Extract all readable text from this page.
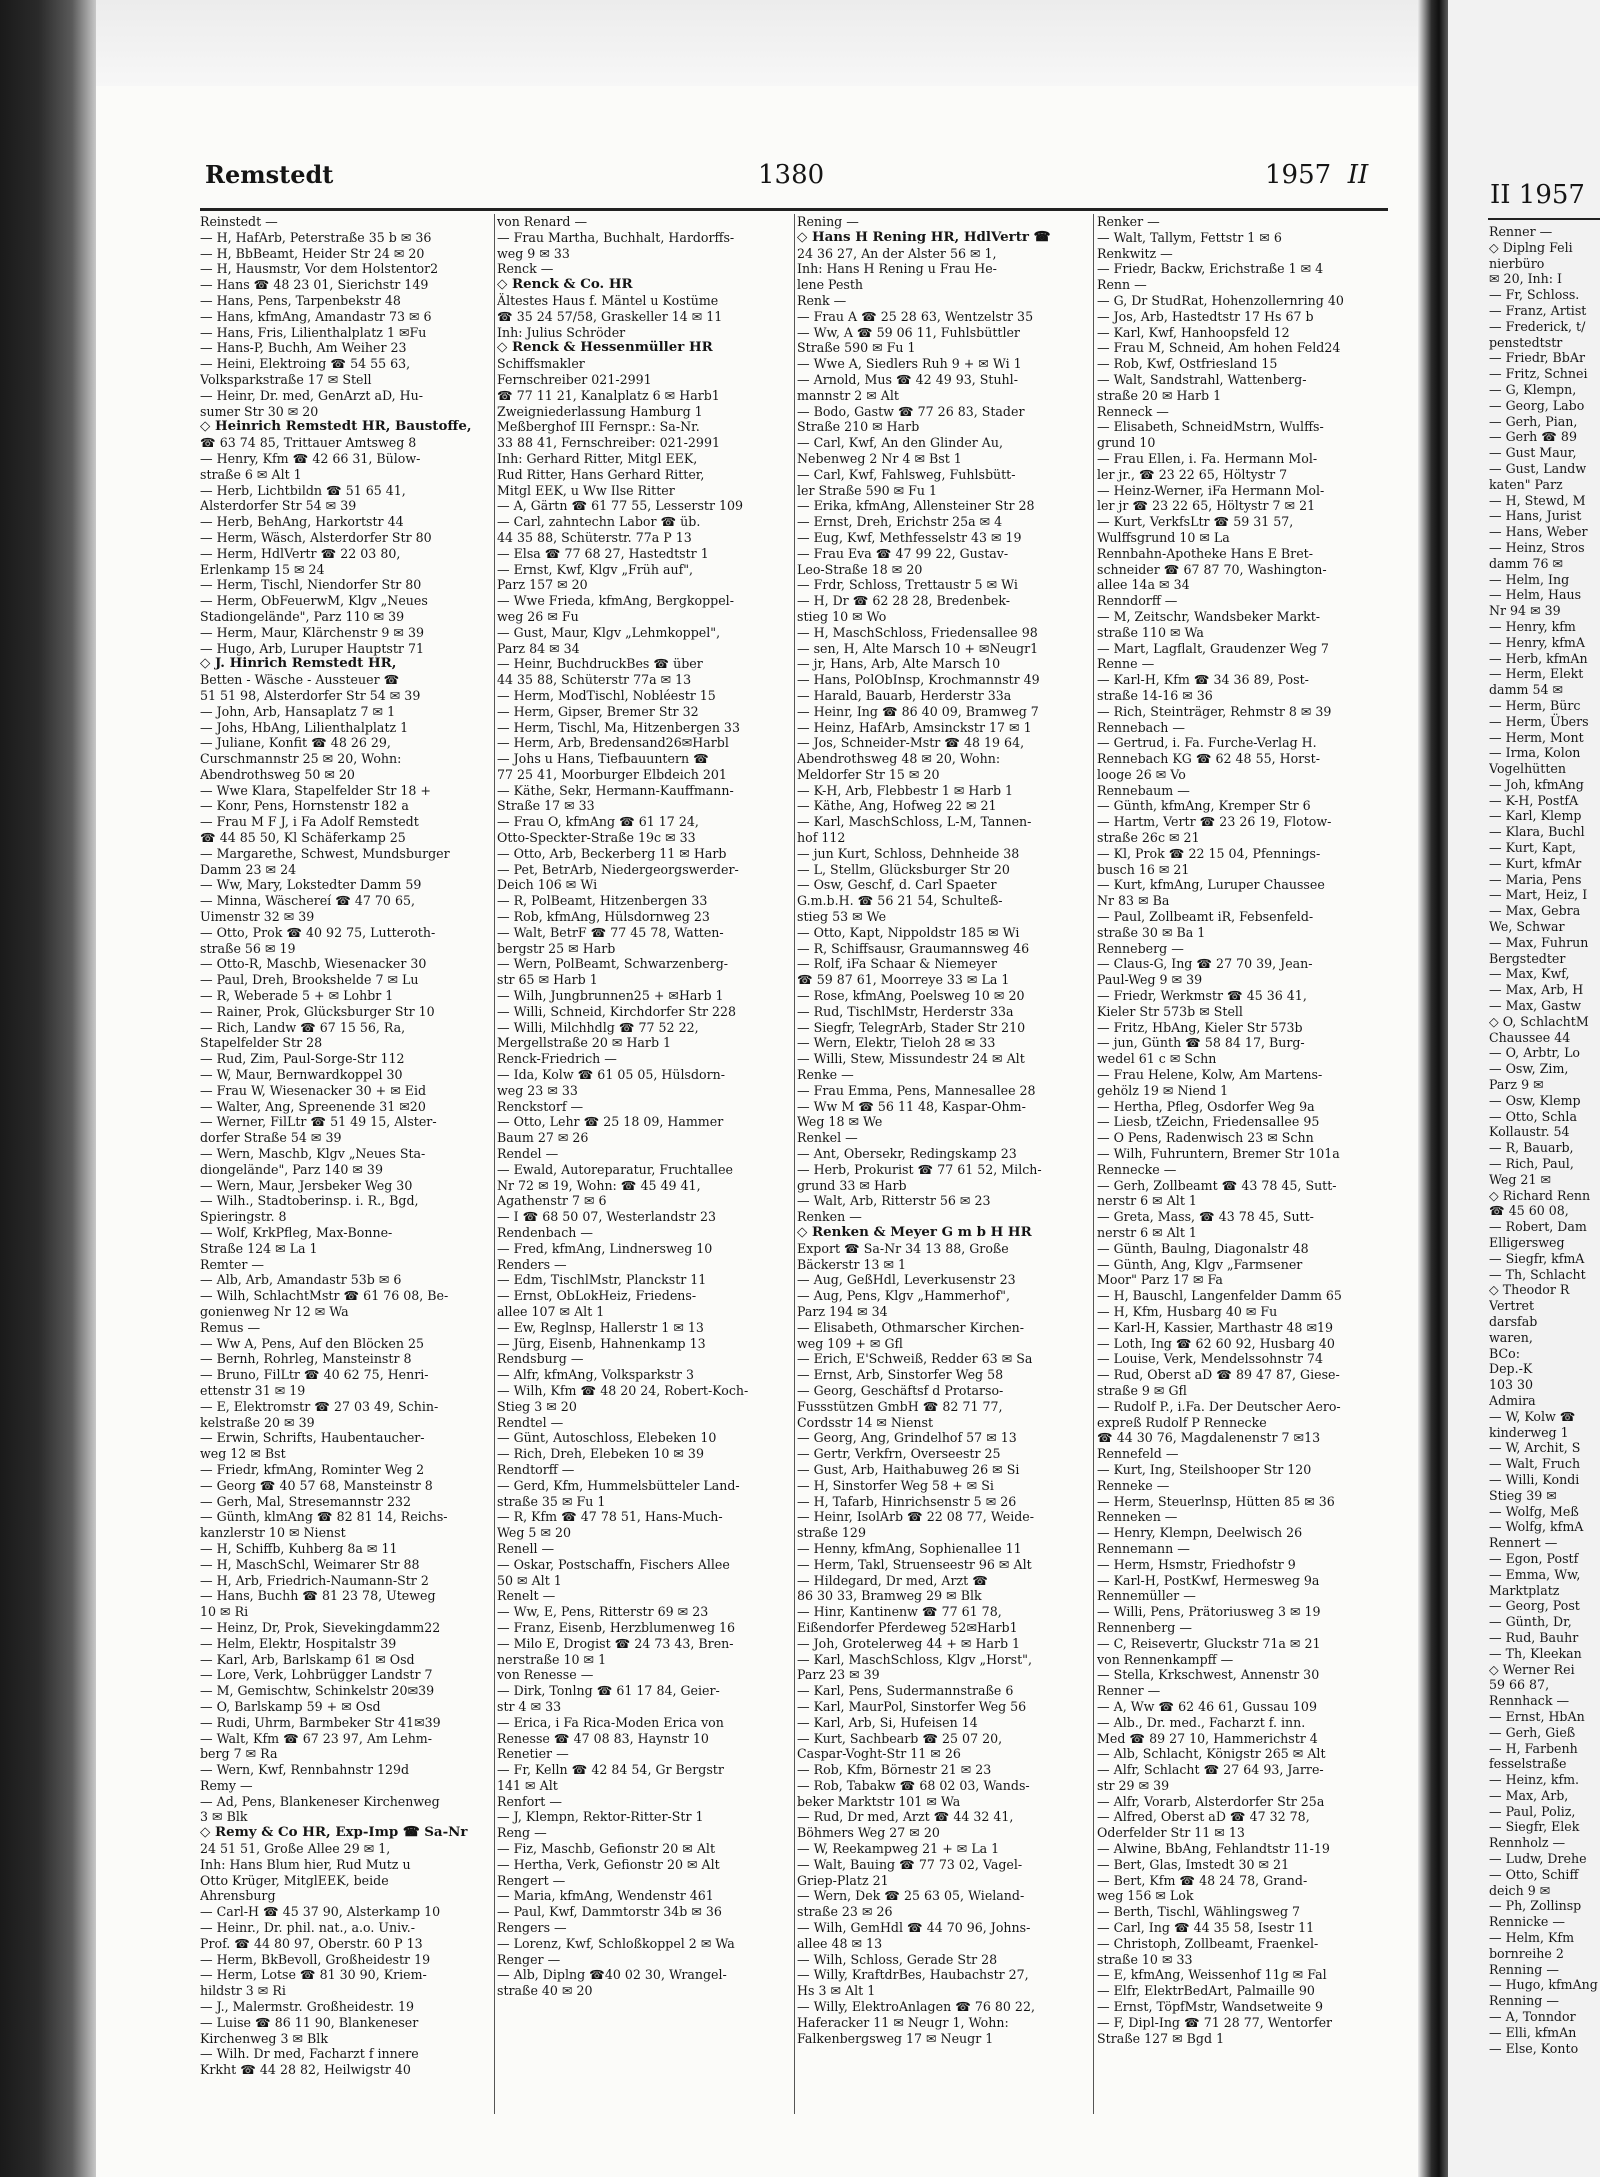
Remstedt	1380	1957 II
Reinstedt —
— H, HafArb, Peterstraße 35 b ✉ 36
— H, BbBeamt, Heider Str 24 ✉ 20
— H, Hausmstr, Vor dem Holstentor2
— Hans ☎ 48 23 01, Sierichstr 149
— Hans, Pens, Tarpenbekstr 48
— Hans, kfmAng, Amandastr 73 ✉ 6
— Hans, Fris, Lilienthalplatz 1 ✉Fu
— Hans-P, Buchh, Am Weiher 23
— Heini, Elektroing ☎ 54 55 63,
Volksparkstraße 17 ✉ Stell
— Heinr, Dr. med, GenArzt aD, Hu-
sumer Str 30 ✉ 20
◇ Heinrich Remstedt HR, Baustoffe,
☎ 63 74 85, Trittauer Amtsweg 8
— Henry, Kfm ☎ 42 66 31, Bülow-
straße 6 ✉ Alt 1
— Herb, Lichtbildn ☎ 51 65 41,
Alsterdorfer Str 54 ✉ 39
— Herb, BehAng, Harkortstr 44
— Herm, Wäsch, Alsterdorfer Str 80
— Herm, HdlVertr ☎ 22 03 80,
Erlenkamp 15 ✉ 24
— Herm, Tischl, Niendorfer Str 80
— Herm, ObFeuerwM, Klgv „Neues
Stadiongelände", Parz 110 ✉ 39
— Herm, Maur, Klärchenstr 9 ✉ 39
— Hugo, Arb, Luruper Hauptstr 71
◇ J. Hinrich Remstedt HR,
Betten - Wäsche - Aussteuer ☎
51 51 98, Alsterdorfer Str 54 ✉ 39
— John, Arb, Hansaplatz 7 ✉ 1
— Johs, HbAng, Lilienthalplatz 1
— Juliane, Konfit ☎ 48 26 29,
Curschmannstr 25 ✉ 20, Wohn:
Abendrothsweg 50 ✉ 20
— Wwe Klara, Stapelfelder Str 18 +
— Konr, Pens, Hornstenstr 182 a
— Frau M F J, i Fa Adolf Remstedt
☎ 44 85 50, Kl Schäferkamp 25
— Margarethe, Schwest, Mundsburger
Damm 23 ✉ 24
— Ww, Mary, Lokstedter Damm 59
— Minna, Wäschereí ☎ 47 70 65,
Uimenstr 32 ✉ 39
— Otto, Prok ☎ 40 92 75, Lutteroth-
straße 56 ✉ 19
— Otto-R, Maschb, Wiesenacker 30
— Paul, Dreh, Brookshelde 7 ✉ Lu
— R, Weberade 5 + ✉ Lohbr 1
— Rainer, Prok, Glücksburger Str 10
— Rich, Landw ☎ 67 15 56, Ra,
Stapelfelder Str 28
— Rud, Zim, Paul-Sorge-Str 112
— W, Maur, Bernwardkoppel 30
— Frau W, Wiesenacker 30 + ✉ Eid
— Walter, Ang, Spreenende 31 ✉20
— Werner, FilLtr ☎ 51 49 15, Alster-
dorfer Straße 54 ✉ 39
— Wern, Maschb, Klgv „Neues Sta-
diongelände", Parz 140 ✉ 39
— Wern, Maur, Jersbeker Weg 30
— Wilh., Stadtoberinsp. i. R., Bgd,
Spieringstr. 8
— Wolf, KrkPfleg, Max-Bonne-
Straße 124 ✉ La 1
Remter —
— Alb, Arb, Amandastr 53b ✉ 6
— Wilh, SchlachtMstr ☎ 61 76 08, Be-
gonienweg Nr 12 ✉ Wa
Remus —
— Ww A, Pens, Auf den Blöcken 25
— Bernh, Rohrleg, Mansteinstr 8
— Bruno, FilLtr ☎ 40 62 75, Henri-
ettenstr 31 ✉ 19
— E, Elektromstr ☎ 27 03 49, Schin-
kelstraße 20 ✉ 39
— Erwin, Schrifts, Haubentaucher-
weg 12 ✉ Bst
— Friedr, kfmAng, Rominter Weg 2
— Georg ☎ 40 57 68, Mansteinstr 8
— Gerh, Mal, Stresemannstr 232
— Günth, klmAng ☎ 82 81 14, Reichs-
kanzlerstr 10 ✉ Nienst
— H, Schiffb, Kuhberg 8a ✉ 11
— H, MaschSchl, Weimarer Str 88
— H, Arb, Friedrich-Naumann-Str 2
— Hans, Buchh ☎ 81 23 78, Uteweg
10 ✉ Ri
— Heinz, Dr, Prok, Sievekingdamm22
— Helm, Elektr, Hospitalstr 39
— Karl, Arb, Barlskamp 61 ✉ Osd
— Lore, Verk, Lohbrügger Landstr 7
— M, Gemischtw, Schinkelstr 20✉39
— O, Barlskamp 59 + ✉ Osd
— Rudi, Uhrm, Barmbeker Str 41✉39
— Walt, Kfm ☎ 67 23 97, Am Lehm-
berg 7 ✉ Ra
— Wern, Kwf, Rennbahnstr 129d
Remy —
— Ad, Pens, Blankeneser Kirchenweg
3 ✉ Blk
◇ Remy & Co HR, Exp-Imp ☎ Sa-Nr
24 51 51, Große Allee 29 ✉ 1,
Inh: Hans Blum hier, Rud Mutz u
Otto Krüger, MitglEEK, beide
Ahrensburg
— Carl-H ☎ 45 37 90, Alsterkamp 10
— Heinr., Dr. phil. nat., a.o. Univ.-
Prof. ☎ 44 80 97, Oberstr. 60 P 13
— Herm, BkBevoll, Großheidestr 19
— Herm, Lotse ☎ 81 30 90, Kriem-
hildstr 3 ✉ Ri
— J., Malermstr. Großheidestr. 19
— Luise ☎ 86 11 90, Blankeneser
Kirchenweg 3 ✉ Blk
— Wilh. Dr med, Facharzt f innere
Krkht ☎ 44 28 82, Heilwigstr 40
von Renard —
— Frau Martha, Buchhalt, Hardorffs-
weg 9 ✉ 33
Renck —
◇ Renck & Co. HR
Ältestes Haus f. Mäntel u Kostüme
☎ 35 24 57/58, Graskeller 14 ✉ 11
Inh: Julius Schröder
◇ Renck & Hessenmüller HR
Schiffsmakler
Fernschreiber 021-2991
☎ 77 11 21, Kanalplatz 6 ✉ Harb1
Zweigniederlassung Hamburg 1
Meßberghof III Fernspr.: Sa-Nr.
33 88 41, Fernschreiber: 021-2991
Inh: Gerhard Ritter, Mitgl EEK,
Rud Ritter, Hans Gerhard Ritter,
Mitgl EEK, u Ww Ilse Ritter
— A, Gärtn ☎ 61 77 55, Lesserstr 109
— Carl, zahntechn Labor ☎ üb.
44 35 88, Schüterstr. 77a P 13
— Elsa ☎ 77 68 27, Hastedtstr 1
— Ernst, Kwf, Klgv „Früh auf",
Parz 157 ✉ 20
— Wwe Frieda, kfmAng, Bergkoppel-
weg 26 ✉ Fu
— Gust, Maur, Klgv „Lehmkoppel",
Parz 84 ✉ 34
— Heinr, BuchdruckBes ☎ über
44 35 88, Schüterstr 77a ✉ 13
— Herm, ModTischl, Nobléestr 15
— Herm, Gipser, Bremer Str 32
— Herm, Tischl, Ma, Hitzenbergen 33
— Herm, Arb, Bredensand26✉Harbl
— Johs u Hans, Tiefbauuntern ☎
77 25 41, Moorburger Elbdeich 201
— Käthe, Sekr, Hermann-Kauffmann-
Straße 17 ✉ 33
— Frau O, kfmAng ☎ 61 17 24,
Otto-Speckter-Straße 19c ✉ 33
— Otto, Arb, Beckerberg 11 ✉ Harb
— Pet, BetrArb, Niedergeorgswerder-
Deich 106 ✉ Wi
— R, PolBeamt, Hitzenbergen 33
— Rob, kfmAng, Hülsdornweg 23
— Walt, BetrF ☎ 77 45 78, Watten-
bergstr 25 ✉ Harb
— Wern, PolBeamt, Schwarzenberg-
str 65 ✉ Harb 1
— Wilh, Jungbrunnen25 + ✉Harb 1
— Willi, Schneid, Kirchdorfer Str 228
— Willi, Milchhdlg ☎ 77 52 22,
Mergellstraße 20 ✉ Harb 1
Renck-Friedrich —
— Ida, Kolw ☎ 61 05 05, Hülsdorn-
weg 23 ✉ 33
Renckstorf —
— Otto, Lehr ☎ 25 18 09, Hammer
Baum 27 ✉ 26
Rendel —
— Ewald, Autoreparatur, Fruchtallee
Nr 72 ✉ 19, Wohn: ☎ 45 49 41,
Agathenstr 7 ✉ 6
— I ☎ 68 50 07, Westerlandstr 23
Rendenbach —
— Fred, kfmAng, Lindnersweg 10
Renders —
— Edm, TischlMstr, Planckstr 11
— Ernst, ObLokHeiz, Friedens-
allee 107 ✉ Alt 1
— Ew, Reglnsp, Hallerstr 1 ✉ 13
— Jürg, Eisenb, Hahnenkamp 13
Rendsburg —
— Alfr, kfmAng, Volksparkstr 3
— Wilh, Kfm ☎ 48 20 24, Robert-Koch-
Stieg 3 ✉ 20
Rendtel —
— Günt, Autoschloss, Elebeken 10
— Rich, Dreh, Elebeken 10 ✉ 39
Rendtorff —
— Gerd, Kfm, Hummelsbütteler Land-
straße 35 ✉ Fu 1
— R, Kfm ☎ 47 78 51, Hans-Much-
Weg 5 ✉ 20
Renell —
— Oskar, Postschaffn, Fischers Allee
50 ✉ Alt 1
Renelt —
— Ww, E, Pens, Ritterstr 69 ✉ 23
— Franz, Eisenb, Herzblumenweg 16
— Milo E, Drogist ☎ 24 73 43, Bren-
nerstraße 10 ✉ 1
von Renesse —
— Dirk, Tonlng ☎ 61 17 84, Geier-
str 4 ✉ 33
— Erica, i Fa Rica-Moden Erica von
Renesse ☎ 47 08 83, Haynstr 10
Renetier —
— Fr, Kelln ☎ 42 84 54, Gr Bergstr
141 ✉ Alt
Renfort —
— J, Klempn, Rektor-Ritter-Str 1
Reng —
— Fiz, Maschb, Gefionstr 20 ✉ Alt
— Hertha, Verk, Gefionstr 20 ✉ Alt
Rengert —
— Maria, kfmAng, Wendenstr 461
— Paul, Kwf, Dammtorstr 34b ✉ 36
Rengers —
— Lorenz, Kwf, Schloßkoppel 2 ✉ Wa
Renger —
— Alb, Diplng ☎40 02 30, Wrangel-
straße 40 ✉ 20
Rening —
◇ Hans H Rening HR, HdlVertr ☎
24 36 27, An der Alster 56 ✉ 1,
Inh: Hans H Rening u Frau He-
lene Pesth
Renk —
— Frau A ☎ 25 28 63, Wentzelstr 35
— Ww, A ☎ 59 06 11, Fuhlsbüttler
Straße 590 ✉ Fu 1
— Wwe A, Siedlers Ruh 9 + ✉ Wi 1
— Arnold, Mus ☎ 42 49 93, Stuhl-
mannstr 2 ✉ Alt
— Bodo, Gastw ☎ 77 26 83, Stader
Straße 210 ✉ Harb
— Carl, Kwf, An den Glinder Au,
Nebenweg 2 Nr 4 ✉ Bst 1
— Carl, Kwf, Fahlsweg, Fuhlsbütt-
ler Straße 590 ✉ Fu 1
— Erika, kfmAng, Allensteiner Str 28
— Ernst, Dreh, Erichstr 25a ✉ 4
— Eug, Kwf, Methfesselstr 43 ✉ 19
— Frau Eva ☎ 47 99 22, Gustav-
Leo-Straße 18 ✉ 20
— Frdr, Schloss, Trettaustr 5 ✉ Wi
— H, Dr ☎ 62 28 28, Bredenbek-
stieg 10 ✉ Wo
— H, MaschSchloss, Friedensallee 98
— sen, H, Alte Marsch 10 + ✉Neugr1
— jr, Hans, Arb, Alte Marsch 10
— Hans, PolObInsp, Krochmannstr 49
— Harald, Bauarb, Herderstr 33a
— Heinr, Ing ☎ 86 40 09, Bramweg 7
— Heinz, HafArb, Amsinckstr 17 ✉ 1
— Jos, Schneider-Mstr ☎ 48 19 64,
Abendrothsweg 48 ✉ 20, Wohn:
Meldorfer Str 15 ✉ 20
— K-H, Arb, Flebbestr 1 ✉ Harb 1
— Käthe, Ang, Hofweg 22 ✉ 21
— Karl, MaschSchloss, L-M, Tannen-
hof 112
— jun Kurt, Schloss, Dehnheide 38
— L, Stellm, Glücksburger Str 20
— Osw, Geschf, d. Carl Spaeter
G.m.b.H. ☎ 56 21 54, Schulteß-
stieg 53 ✉ We
— Otto, Kapt, Nippoldstr 185 ✉ Wi
— R, Schiffsausr, Graumannsweg 46
— Rolf, iFa Schaar & Niemeyer
☎ 59 87 61, Moorreye 33 ✉ La 1
— Rose, kfmAng, Poelsweg 10 ✉ 20
— Rud, TischlMstr, Herderstr 33a
— Siegfr, TelegrArb, Stader Str 210
— Wern, Elektr, Tieloh 28 ✉ 33
— Willi, Stew, Missundestr 24 ✉ Alt
Renke —
— Frau Emma, Pens, Mannesallee 28
— Ww M ☎ 56 11 48, Kaspar-Ohm-
Weg 18 ✉ We
Renkel —
— Ant, Obersekr, Redingskamp 23
— Herb, Prokurist ☎ 77 61 52, Milch-
grund 33 ✉ Harb
— Walt, Arb, Ritterstr 56 ✉ 23
Renken —
◇ Renken & Meyer G m b H HR
Export ☎ Sa-Nr 34 13 88, Große
Bäckerstr 13 ✉ 1
— Aug, GeßHdl, Leverkusenstr 23
— Aug, Pens, Klgv „Hammerhof",
Parz 194 ✉ 34
— Elisabeth, Othmarscher Kirchen-
weg 109 + ✉ Gfl
— Erich, E'Schweiß, Redder 63 ✉ Sa
— Ernst, Arb, Sinstorfer Weg 58
— Georg, Geschäftsf d Protarso-
Fussstützen GmbH ☎ 82 71 77,
Cordsstr 14 ✉ Nienst
— Georg, Ang, Grindelhof 57 ✉ 13
— Gertr, Verkfrn, Overseestr 25
— Gust, Arb, Haithabuweg 26 ✉ Si
— H, Sinstorfer Weg 58 + ✉ Si
— H, Tafarb, Hinrichsenstr 5 ✉ 26
— Heinr, IsolArb ☎ 22 08 77, Weide-
straße 129
— Henny, kfmAng, Sophienallee 11
— Herm, Takl, Struenseestr 96 ✉ Alt
— Hildegard, Dr med, Arzt ☎
86 30 33, Bramweg 29 ✉ Blk
— Hinr, Kantinenw ☎ 77 61 78,
Eißendorfer Pferdeweg 52✉Harb1
— Joh, Grotelerweg 44 + ✉ Harb 1
— Karl, MaschSchloss, Klgv „Horst",
Parz 23 ✉ 39
— Karl, Pens, Sudermannstraße 6
— Karl, MaurPol, Sinstorfer Weg 56
— Karl, Arb, Si, Hufeisen 14
— Kurt, Sachbearb ☎ 25 07 20,
Caspar-Voght-Str 11 ✉ 26
— Rob, Kfm, Börnestr 21 ✉ 23
— Rob, Tabakw ☎ 68 02 03, Wands-
beker Marktstr 101 ✉ Wa
— Rud, Dr med, Arzt ☎ 44 32 41,
Böhmers Weg 27 ✉ 20
— W, Reekampweg 21 + ✉ La 1
— Walt, Bauing ☎ 77 73 02, Vagel-
Griep-Platz 21
— Wern, Dek ☎ 25 63 05, Wieland-
straße 23 ✉ 26
— Wilh, GemHdl ☎ 44 70 96, Johns-
allee 48 ✉ 13
— Wilh, Schloss, Gerade Str 28
— Willy, KraftdrBes, Haubachstr 27,
Hs 3 ✉ Alt 1
— Willy, ElektroAnlagen ☎ 76 80 22,
Haferacker 11 ✉ Neugr 1, Wohn:
Falkenbergsweg 17 ✉ Neugr 1
Renker —
— Walt, Tallym, Fettstr 1 ✉ 6
Renkwitz —
— Friedr, Backw, Erichstraße 1 ✉ 4
Renn —
— G, Dr StudRat, Hohenzollernring 40
— Jos, Arb, Hastedtstr 17 Hs 67 b
— Karl, Kwf, Hanhoopsfeld 12
— Frau M, Schneid, Am hohen Feld24
— Rob, Kwf, Ostfriesland 15
— Walt, Sandstrahl, Wattenberg-
straße 20 ✉ Harb 1
Renneck —
— Elisabeth, SchneidMstrn, Wulffs-
grund 10
— Frau Ellen, i. Fa. Hermann Mol-
ler jr., ☎ 23 22 65, Höltystr 7
— Heinz-Werner, iFa Hermann Mol-
ler jr ☎ 23 22 65, Höltystr 7 ✉ 21
— Kurt, VerkfsLtr ☎ 59 31 57,
Wulffsgrund 10 ✉ La
Rennbahn-Apotheke Hans E Bret-
schneider ☎ 67 87 70, Washington-
allee 14a ✉ 34
Renndorff —
— M, Zeitschr, Wandsbeker Markt-
straße 110 ✉ Wa
— Mart, Lagflalt, Graudenzer Weg 7
Renne —
— Karl-H, Kfm ☎ 34 36 89, Post-
straße 14-16 ✉ 36
— Rich, Steinträger, Rehmstr 8 ✉ 39
Rennebach —
— Gertrud, i. Fa. Furche-Verlag H.
Rennebach KG ☎ 62 48 55, Horst-
looge 26 ✉ Vo
Rennebaum —
— Günth, kfmAng, Kremper Str 6
— Hartm, Vertr ☎ 23 26 19, Flotow-
straße 26c ✉ 21
— Kl, Prok ☎ 22 15 04, Pfennings-
busch 16 ✉ 21
— Kurt, kfmAng, Luruper Chaussee
Nr 83 ✉ Ba
— Paul, Zollbeamt iR, Febsenfeld-
straße 30 ✉ Ba 1
Renneberg —
— Claus-G, Ing ☎ 27 70 39, Jean-
Paul-Weg 9 ✉ 39
— Friedr, Werkmstr ☎ 45 36 41,
Kieler Str 573b ✉ Stell
— Fritz, HbAng, Kieler Str 573b
— jun, Günth ☎ 58 84 17, Burg-
wedel 61 c ✉ Schn
— Frau Helene, Kolw, Am Martens-
gehölz 19 ✉ Niend 1
— Hertha, Pfleg, Osdorfer Weg 9a
— Liesb, tZeichn, Friedensallee 95
— O Pens, Radenwisch 23 ✉ Schn
— Wilh, Fuhruntern, Bremer Str 101a
Rennecke —
— Gerh, Zollbeamt ☎ 43 78 45, Sutt-
nerstr 6 ✉ Alt 1
— Greta, Mass, ☎ 43 78 45, Sutt-
nerstr 6 ✉ Alt 1
— Günth, Baulng, Diagonalstr 48
— Günth, Ang, Klgv „Farmsener
Moor" Parz 17 ✉ Fa
— H, Bauschl, Langenfelder Damm 65
— H, Kfm, Husbarg 40 ✉ Fu
— Karl-H, Kassier, Marthastr 48 ✉19
— Loth, Ing ☎ 62 60 92, Husbarg 40
— Louise, Verk, Mendelssohnstr 74
— Rud, Oberst aD ☎ 89 47 87, Giese-
straße 9 ✉ Gfl
— Rudolf P., i.Fa. Der Deutscher Aero-
expreß Rudolf P Rennecke
☎ 44 30 76, Magdalenenstr 7 ✉13
Rennefeld —
— Kurt, Ing, Steilshooper Str 120
Renneke —
— Herm, Steuerlnsp, Hütten 85 ✉ 36
Renneken —
— Henry, Klempn, Deelwisch 26
Rennemann —
— Herm, Hsmstr, Friedhofstr 9
— Karl-H, PostKwf, Hermesweg 9a
Rennemüller —
— Willi, Pens, Prätoriusweg 3 ✉ 19
Rennenberg —
— C, Reisevertr, Gluckstr 71a ✉ 21
von Rennenkampff —
— Stella, Krkschwest, Annenstr 30
Renner —
— A, Ww ☎ 62 46 61, Gussau 109
— Alb., Dr. med., Facharzt f. inn.
Med ☎ 89 27 10, Hammerichstr 4
— Alb, Schlacht, Königstr 265 ✉ Alt
— Alfr, Schlacht ☎ 27 64 93, Jarre-
str 29 ✉ 39
— Alfr, Vorarb, Alsterdorfer Str 25a
— Alfred, Oberst aD ☎ 47 32 78,
Oderfelder Str 11 ✉ 13
— Alwine, BbAng, Fehlandtstr 11-19
— Bert, Glas, Imstedt 30 ✉ 21
— Bert, Kfm ☎ 48 24 78, Grand-
weg 156 ✉ Lok
— Berth, Tischl, Wählingsweg 7
— Carl, Ing ☎ 44 35 58, Isestr 11
— Christoph, Zollbeamt, Fraenkel-
straße 10 ✉ 33
— E, kfmAng, Weissenhof 11g ✉ Fal
— Elfr, ElektrBedArt, Palmaille 90
— Ernst, TöpfMstr, Wandsetweite 9
— F, Dipl-Ing ☎ 71 28 77, Wentorfer
Straße 127 ✉ Bgd 1
II 1957
Renner —
◇ Diplng Feli
nierbüro
✉ 20, Inh: I
— Fr, Schloss.
— Franz, Artist
— Frederick, t/
penstedtstr
— Friedr, BbAr
— Fritz, Schnei
— G, Klempn,
— Georg, Labo
— Gerh, Pian,
— Gerh ☎ 89
— Gust Maur,
— Gust, Landw
katen" Parz
— H, Stewd, M
— Hans, Jurist
— Hans, Weber
— Heinz, Stros
damm 76 ✉
— Helm, Ing
— Helm, Haus
Nr 94 ✉ 39
— Henry, kfm
— Henry, kfmA
— Herb, kfmAn
— Herm, Elekt
damm 54 ✉
— Herm, Bürc
— Herm, Übers
— Herm, Mont
— Irma, Kolon
Vogelhütten
— Joh, kfmAng
— K-H, PostfA
— Karl, Klemp
— Klara, Buchl
— Kurt, Kapt,
— Kurt, kfmAr
— Maria, Pens
— Mart, Heiz, I
— Max, Gebra
We, Schwar
— Max, Fuhrun
Bergstedter
— Max, Kwf,
— Max, Arb, H
— Max, Gastw
◇ O, SchlachtM
Chaussee 44
— O, Arbtr, Lo
— Osw, Zim,
Parz 9 ✉
— Osw, Klemp
— Otto, Schla
Kollaustr. 54
— R, Bauarb,
— Rich, Paul,
Weg 21 ✉
◇ Richard Renn
☎ 45 60 08,
— Robert, Dam
Elligersweg
— Siegfr, kfmA
— Th, Schlacht
◇ Theodor R
Vertret
darsfab
waren,
BCo:
Dep.-K
103 30
Admira
— W, Kolw ☎
kinderweg 1
— W, Archit, S
— Walt, Fruch
— Willi, Kondi
Stieg 39 ✉
— Wolfg, Meß
— Wolfg, kfmA
Rennert —
— Egon, Postf
— Emma, Ww,
Marktplatz
— Georg, Post
— Günth, Dr,
— Rud, Bauhr
— Th, Kleekan
◇ Werner Rei
59 66 87,
Rennhack —
— Ernst, HbAn
— Gerh, Gieß
— H, Farbenh
fesselstraße
— Heinz, kfm.
— Max, Arb,
— Paul, Poliz,
— Siegfr, Elek
Rennholz —
— Ludw, Drehe
— Otto, Schiff
deich 9 ✉
— Ph, Zollinsp
Rennicke —
— Helm, Kfm
bornreihe 2
Renning —
— Hugo, kfmAng
Renning —
— A, Tonndor
— Elli, kfmAn
— Else, Konto
